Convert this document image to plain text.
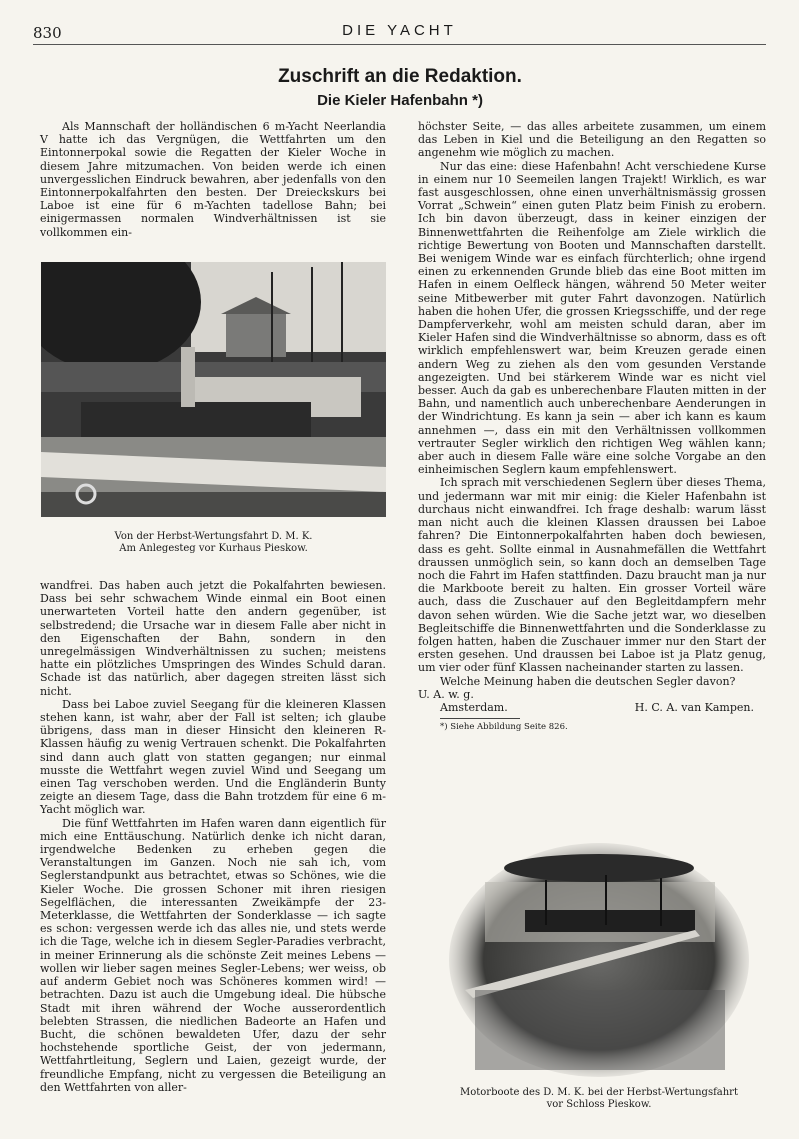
830	DIE YACHT
Zuschrift an die Redaktion.
Die Kieler Hafenbahn *)

Als Mannschaft der holländischen 6 m-Yacht Neerlandia V hatte ich das Vergnügen, die Wettfahrten um den Eintonnerpokal sowie die Regatten der Kieler Woche in diesem Jahre mitzumachen. Von beiden werde ich einen unvergesslichen Eindruck bewahren, aber jedenfalls von den Eintonnerpokalfahrten den besten. Der Dreieckskurs bei Laboe ist eine für 6 m-Yachten tadellose Bahn; bei einigermassen normalen Windverhältnissen ist sie vollkommen ein-

Von der Herbst-Wertungsfahrt D. M. K.
Am Anlegesteg vor Kurhaus Pieskow.

wandfrei. Das haben auch jetzt die Pokalfahrten bewiesen. Dass bei sehr schwachem Winde einmal ein Boot einen unerwarteten Vorteil hatte den andern gegenüber, ist selbstredend; die Ursache war in diesem Falle aber nicht in den Eigenschaften der Bahn, sondern in den unregelmässigen Windverhältnissen zu suchen; meistens hatte ein plötzliches Umspringen des Windes Schuld daran. Schade ist das natürlich, aber dagegen streiten lässt sich nicht.

Dass bei Laboe zuviel Seegang für die kleineren Klassen stehen kann, ist wahr, aber der Fall ist selten; ich glaube übrigens, dass man in dieser Hinsicht den kleineren R-Klassen häufig zu wenig Vertrauen schenkt. Die Pokalfahrten sind dann auch glatt von statten gegangen; nur einmal musste die Wettfahrt wegen zuviel Wind und Seegang um einen Tag verschoben werden. Und die Engländerin Bunty zeigte an diesem Tage, dass die Bahn trotzdem für eine 6 m-Yacht möglich war.

Die fünf Wettfahrten im Hafen waren dann eigentlich für mich eine Enttäuschung. Natürlich denke ich nicht daran, irgendwelche Bedenken zu erheben gegen die Veranstaltungen im Ganzen. Noch nie sah ich, vom Seglerstandpunkt aus betrachtet, etwas so Schönes, wie die Kieler Woche. Die grossen Schoner mit ihren riesigen Segelflächen, die interessanten Zweikämpfe der 23-Meterklasse, die Wettfahrten der Sonderklasse — ich sagte es schon: vergessen werde ich das alles nie, und stets werde ich die Tage, welche ich in diesem Segler-Paradies verbracht, in meiner Erinnerung als die schönste Zeit meines Lebens — wollen wir lieber sagen meines Segler-Lebens; wer weiss, ob auf anderm Gebiet noch was Schöneres kommen wird! — betrachten. Dazu ist auch die Umgebung ideal. Die hübsche Stadt mit ihren während der Woche ausserordentlich belebten Strassen, die niedlichen Badeorte an Hafen und Bucht, die schönen bewaldeten Ufer, dazu der sehr hochstehende sportliche Geist, der von jedermann, Wettfahrtleitung, Seglern und Laien, gezeigt wurde, der freundliche Empfang, nicht zu vergessen die Beteiligung an den Wettfahrten von aller-

höchster Seite, — das alles arbeitete zusammen, um einem das Leben in Kiel und die Beteiligung an den Regatten so angenehm wie möglich zu machen.

Nur das eine: diese Hafenbahn! Acht verschiedene Kurse in einem nur 10 Seemeilen langen Trajekt! Wirklich, es war fast ausgeschlossen, ohne einen unverhältnismässig grossen Vorrat „Schwein“ einen guten Platz beim Finish zu erobern. Ich bin davon überzeugt, dass in keiner einzigen der Binnenwettfahrten die Reihenfolge am Ziele wirklich die richtige Bewertung von Booten und Mannschaften darstellt. Bei wenigem Winde war es einfach fürchterlich; ohne irgend einen zu erkennenden Grunde blieb das eine Boot mitten im Hafen in einem Oelfleck hängen, während 50 Meter weiter seine Mitbewerber mit guter Fahrt davonzogen. Natürlich haben die hohen Ufer, die grossen Kriegsschiffe, und der rege Dampferverkehr, wohl am meisten schuld daran, aber im Kieler Hafen sind die Windverhältnisse so abnorm, dass es oft wirklich empfehlenswert war, beim Kreuzen gerade einen andern Weg zu ziehen als den vom gesunden Verstande angezeigten. Und bei stärkerem Winde war es nicht viel besser. Auch da gab es unberechenbare Flauten mitten in der Bahn, und namentlich auch unberechenbare Aenderungen in der Windrichtung. Es kann ja sein — aber ich kann es kaum annehmen —, dass ein mit den Verhältnissen vollkommen vertrauter Segler wirklich den richtigen Weg wählen kann; aber auch in diesem Falle wäre eine solche Vorgabe an den einheimischen Seglern kaum empfehlenswert.

Ich sprach mit verschiedenen Seglern über dieses Thema, und jedermann war mit mir einig: die Kieler Hafenbahn ist durchaus nicht einwandfrei. Ich frage deshalb: warum lässt man nicht auch die kleinen Klassen draussen bei Laboe fahren? Die Eintonnerpokalfahrten haben doch bewiesen, dass es geht. Sollte einmal in Ausnahmefällen die Wettfahrt draussen unmöglich sein, so kann doch an demselben Tage noch die Fahrt im Hafen stattfinden. Dazu braucht man ja nur die Markboote bereit zu halten. Ein grosser Vorteil wäre auch, dass die Zuschauer auf den Begleitdampfern mehr davon sehen würden. Wie die Sache jetzt war, wo dieselben Begleitschiffe die Binnenwettfahrten und die Sonderklasse zu folgen hatten, haben die Zuschauer immer nur den Start der ersten gesehen. Und draussen bei Laboe ist ja Platz genug, um vier oder fünf Klassen nacheinander starten zu lassen.

Welche Meinung haben die deutschen Segler davon?

U. A. w. g.
Amsterdam.	H. C. A. van Kampen.
*) Siehe Abbildung Seite 826.
Motorboote des D. M. K. bei der Herbst-Wertungsfahrt
vor Schloss Pieskow.
